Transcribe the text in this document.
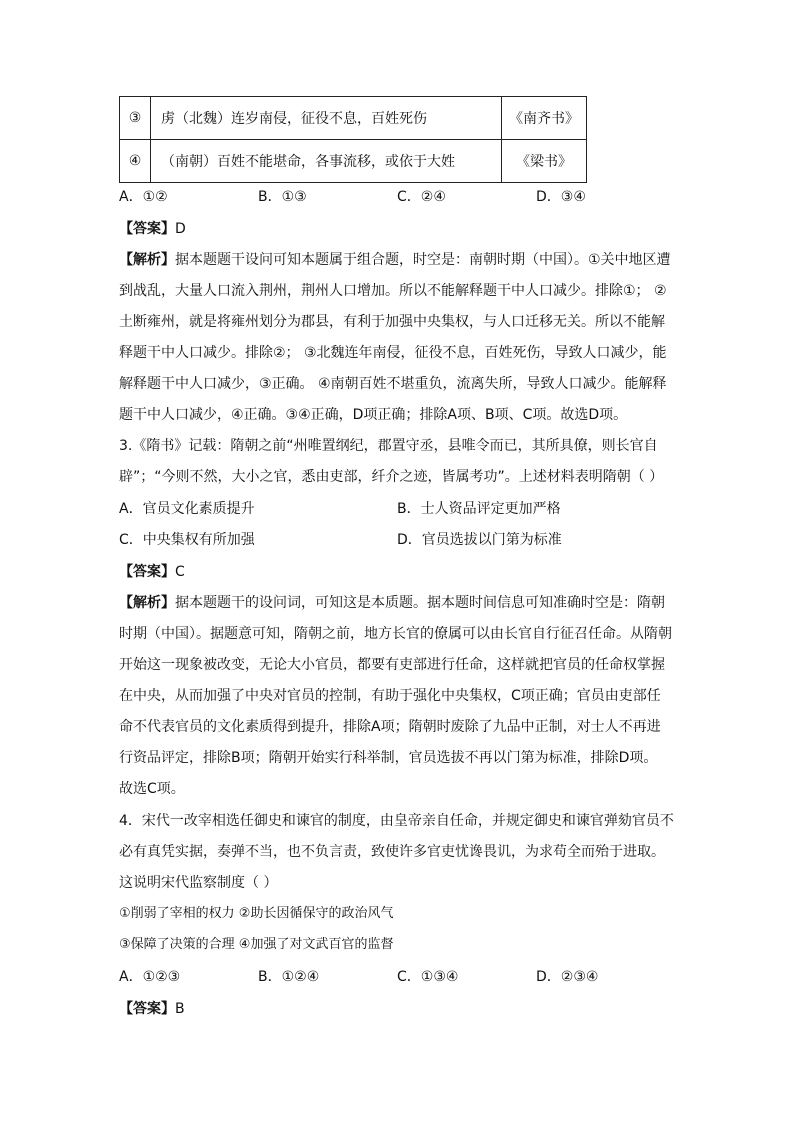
③	虏（北魏）连岁南侵，征役不息，百姓死伤	《南齐书》
④	（南朝）百姓不能堪命，各事流移，或依于大姓	《梁书》
A．①②	B．①③	C．②④	D．③④
【答案】D
【解析】据本题题干设问可知本题属于组合题，时空是：南朝时期（中国）。①关中地区遭
到战乱，大量人口流入荆州，荆州人口增加。所以不能解释题干中人口减少。排除①； ②
土断雍州，就是将雍州划分为郡县，有利于加强中央集权，与人口迁移无关。所以不能解
释题干中人口减少。排除②； ③北魏连年南侵，征役不息，百姓死伤，导致人口减少，能
解释题干中人口减少，③正确。 ④南朝百姓不堪重负，流离失所，导致人口减少。能解释
题干中人口减少，④正确。③④正确，D项正确；排除A项、B项、C项。故选D项。
3.《隋书》记载：隋朝之前“州唯置纲纪，郡置守丞，县唯令而已，其所具僚，则长官自
辟”；“今则不然，大小之官，悉由吏部，纤介之迹，皆属考功”。上述材料表明隋朝（ ）
A．官员文化素质提升	B．士人资品评定更加严格
C．中央集权有所加强	D．官员选拔以门第为标准
【答案】C
【解析】据本题题干的设问词，可知这是本质题。据本题时间信息可知准确时空是：隋朝
时期（中国）。据题意可知，隋朝之前，地方长官的僚属可以由长官自行征召任命。从隋朝
开始这一现象被改变，无论大小官员，都要有吏部进行任命，这样就把官员的任命权掌握
在中央，从而加强了中央对官员的控制，有助于强化中央集权，C项正确；官员由吏部任
命不代表官员的文化素质得到提升，排除A项；隋朝时废除了九品中正制，对士人不再进
行资品评定，排除B项；隋朝开始实行科举制，官员选拔不再以门第为标准，排除D项。
故选C项。
4．宋代一改宰相选任御史和谏官的制度，由皇帝亲自任命，并规定御史和谏官弹劾官员不
必有真凭实据，奏弹不当，也不负言责，致使许多官吏忧谗畏讥，为求苟全而殆于进取。
这说明宋代监察制度（ ）
①削弱了宰相的权力 ②助长因循保守的政治风气
③保障了决策的合理 ④加强了对文武百官的监督
A．①②③	B．①②④	C．①③④	D．②③④
【答案】B
